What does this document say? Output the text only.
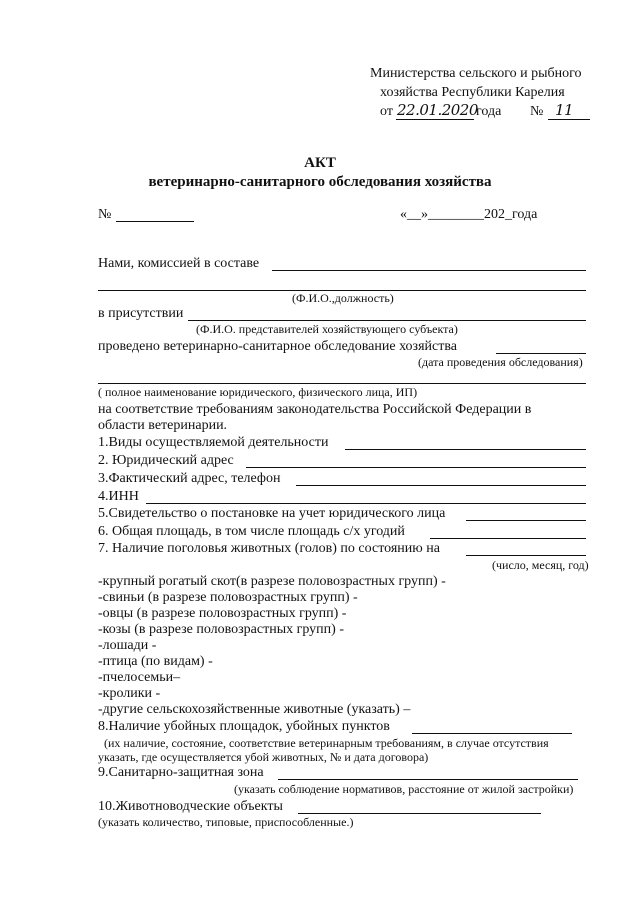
Министерства сельского и рыбного
хозяйства Республики Карелия
от 22.01.2020
года № 11
АКТ
ветеринарно-санитарного обследования хозяйства
№	«__»________202_года
Нами, комиссией в составе
(Ф.И.О.,должность)
в присутствии
(Ф.И.О. представителей хозяйствующего субъекта)
проведено ветеринарно-санитарное обследование хозяйства
(дата проведения обследования)
( полное наименование юридического, физического лица, ИП)
на соответствие требованиям законодательства Российской Федерации в
области ветеринарии.
1.Виды осуществляемой деятельности
2. Юридический адрес
3.Фактический адрес, телефон
4.ИНН
5.Свидетельство о постановке на учет юридического лица
6. Общая площадь, в том числе площадь с/х угодий
7. Наличие поголовья животных (голов) по состоянию на
(число, месяц, год)
-крупный рогатый скот(в разрезе половозрастных групп) -
-свиньи (в разрезе половозрастных групп) -
-овцы (в разрезе половозрастных групп) -
-козы (в разрезе половозрастных групп) -
-лошади -
-птица (по видам) -
-пчелосемьи–
-кролики -
-другие сельскохозяйственные животные (указать) –
8.Наличие убойных площадок, убойных пунктов
(их наличие, состояние, соответствие ветеринарным требованиям, в случае отсутствия
указать, где осуществляется убой животных, № и дата договора)
9.Санитарно-защитная зона
(указать соблюдение нормативов, расстояние от жилой застройки)
10.Животноводческие объекты
(указать количество, типовые, приспособленные.)
